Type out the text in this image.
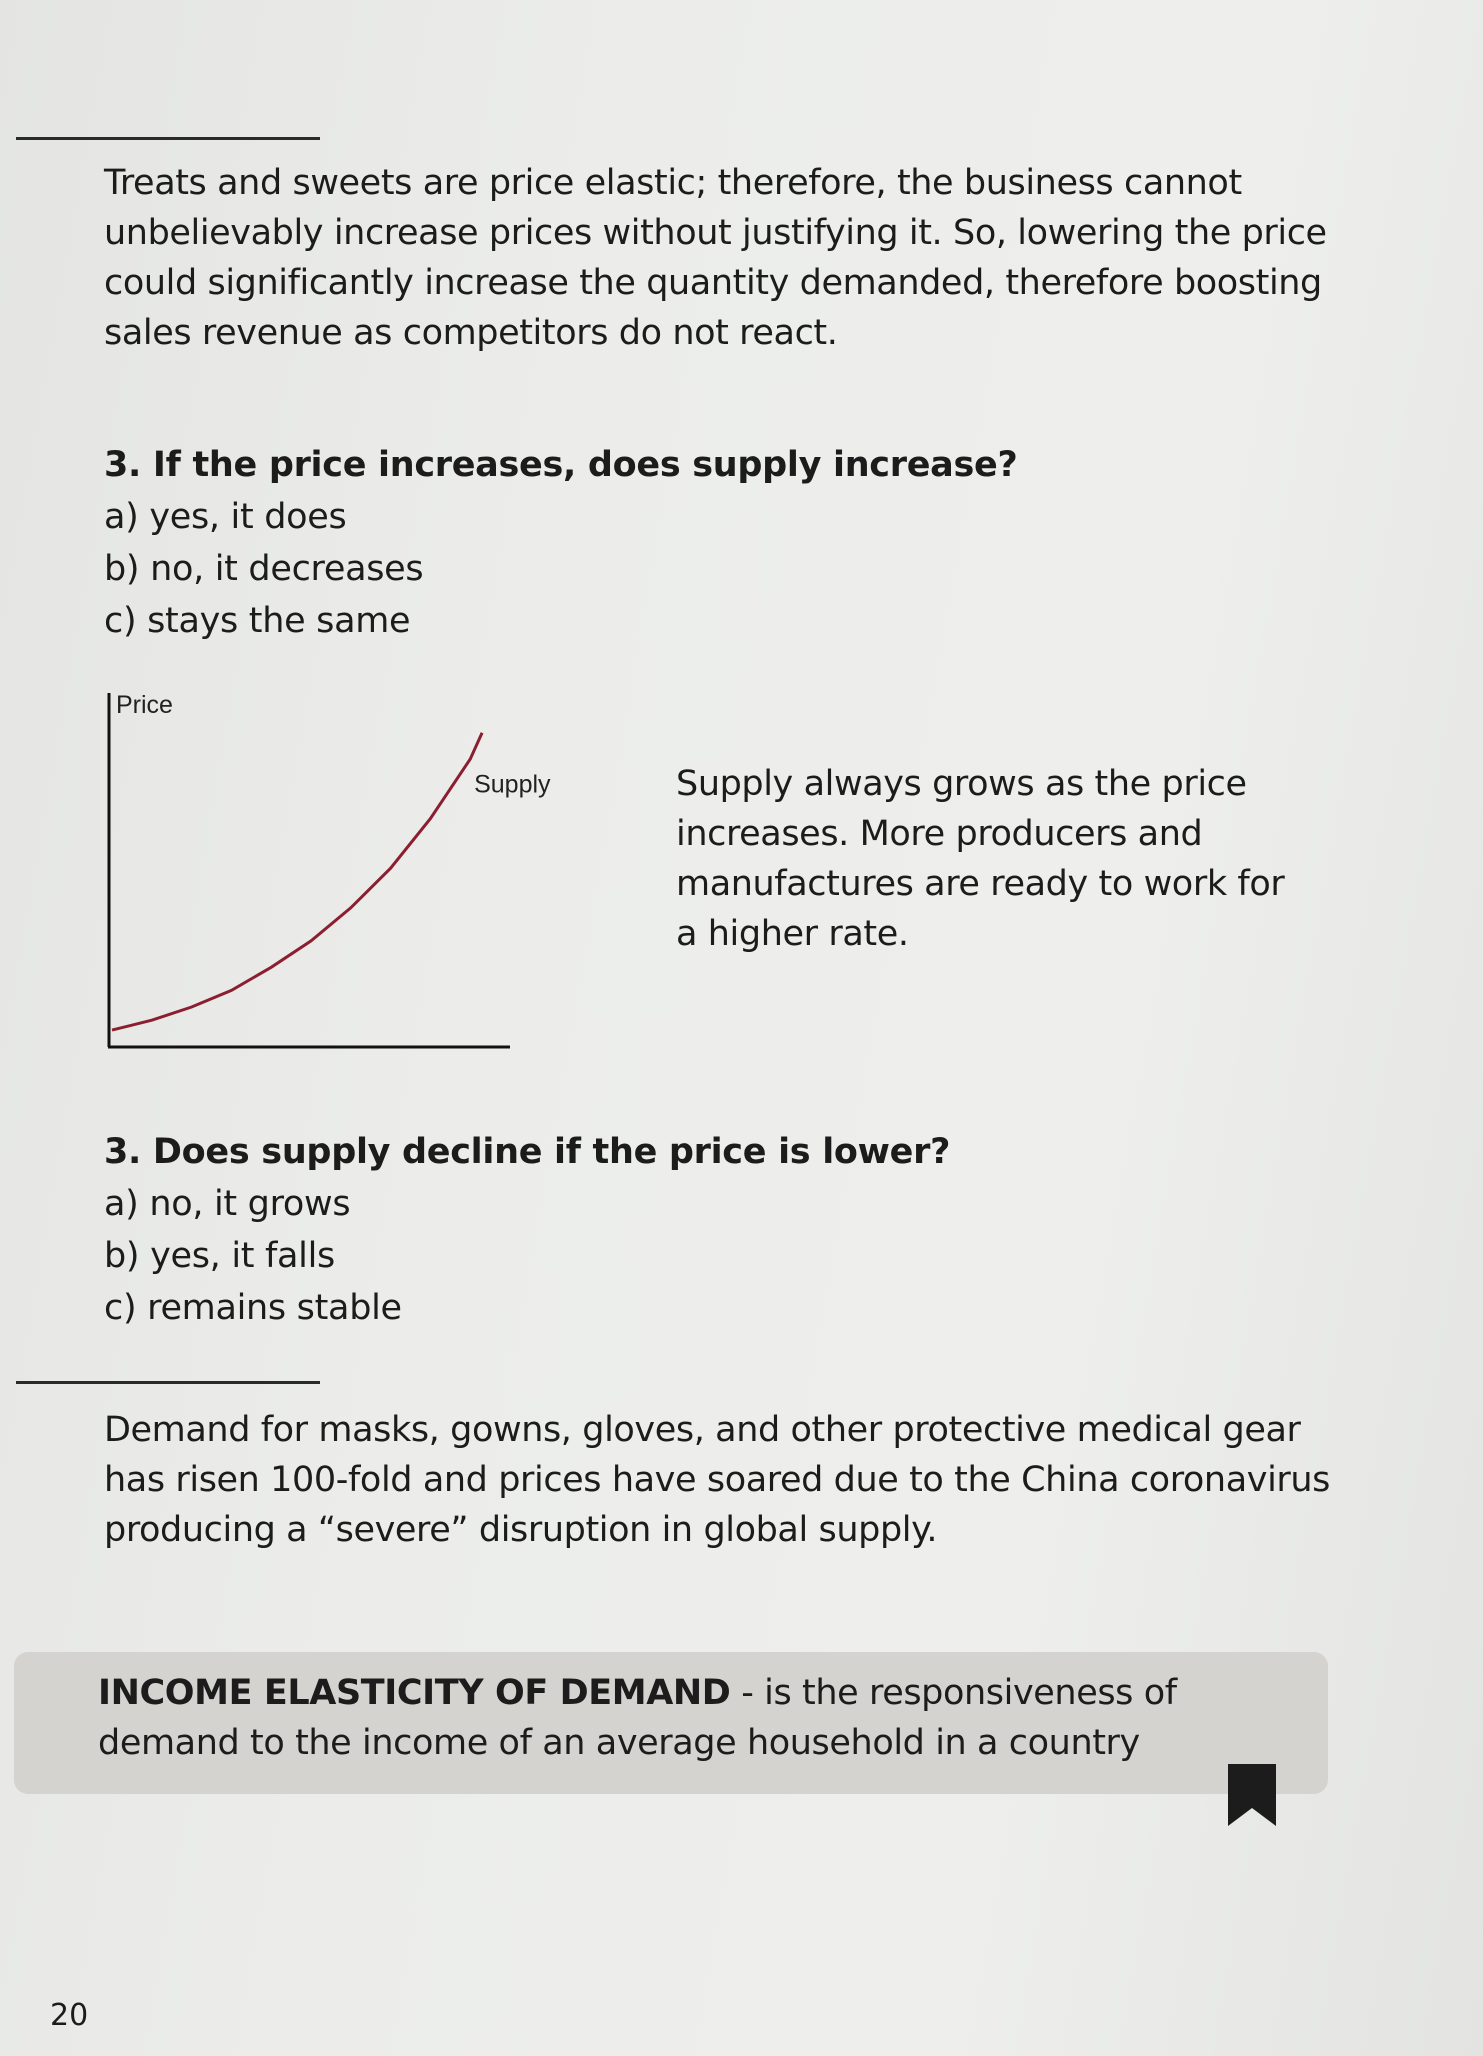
Treats and sweets are price elastic; therefore, the business cannot unbelievably increase prices without justifying it. So, lowering the price could significantly increase the quantity demanded, therefore boosting sales revenue as competitors do not react.

3. If the price increases, does supply increase?

a) yes, it does

b) no, it decreases

c) stays the same

Price
Supply	Supply always grows as the price increases. More producers and manufactures are ready to work for a higher rate.

3. Does supply decline if the price is lower?

a) no, it grows

b) yes, it falls

c) remains stable

Demand for masks, gowns, gloves, and other protective medical gear has risen 100-fold and prices have soared due to the China coronavirus producing a “severe” disruption in global supply.

INCOME ELASTICITY OF DEMAND - is the responsiveness of demand to the income of an average household in a country

20
